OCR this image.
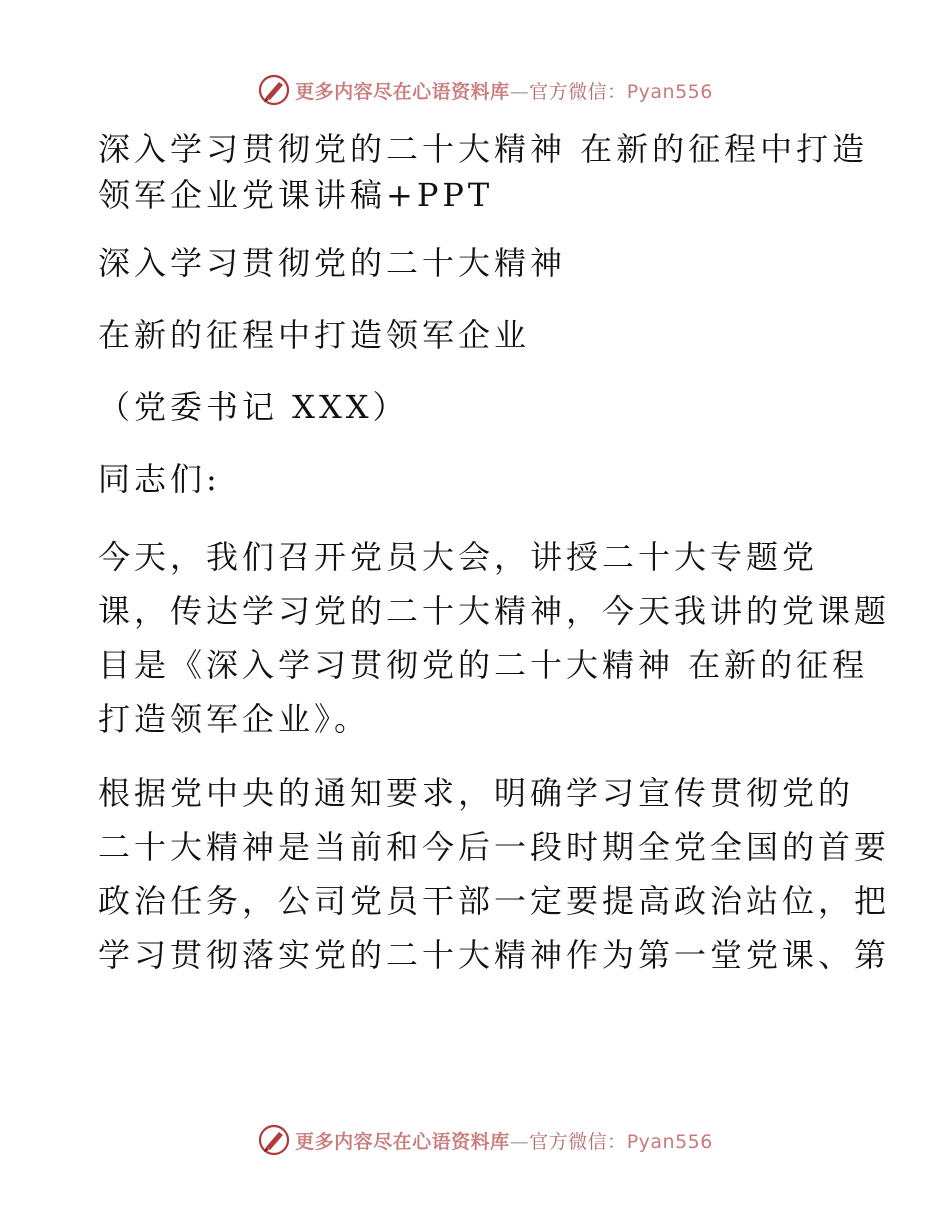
更多内容尽在心语资料库—官方微信：Pyan556
深入学习贯彻党的二十大精神 在新的征程中打造
领军企业党课讲稿+PPT
深入学习贯彻党的二十大精神
在新的征程中打造领军企业
（党委书记 XXX）
同志们:
今天，我们召开党员大会，讲授二十大专题党
课，传达学习党的二十大精神，今天我讲的党课题
目是《深入学习贯彻党的二十大精神 在新的征程
打造领军企业》。
根据党中央的通知要求，明确学习宣传贯彻党的
二十大精神是当前和今后一段时期全党全国的首要
政治任务，公司党员干部一定要提高政治站位，把
学习贯彻落实党的二十大精神作为第一堂党课、第
更多内容尽在心语资料库—官方微信：Pyan556
